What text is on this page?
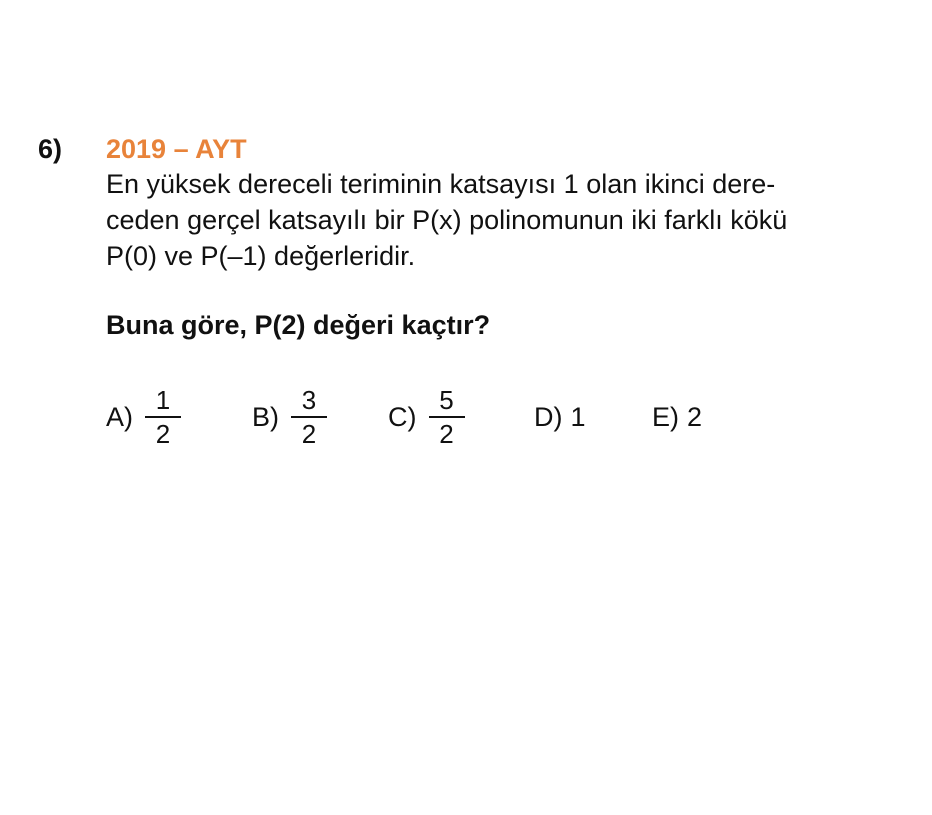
6) 2019 – AYT
En yüksek dereceli teriminin katsayısı 1 olan ikinci dere-
ceden gerçel katsayılı bir P(x) polinomunun iki farklı kökü
P(0) ve P(–1) değerleridir.
Buna göre, P(2) değeri kaçtır?
$A) \frac{1}{2}$	$B) \frac{3}{2} C) \frac{5}{2}$	D) 1 E) 2
